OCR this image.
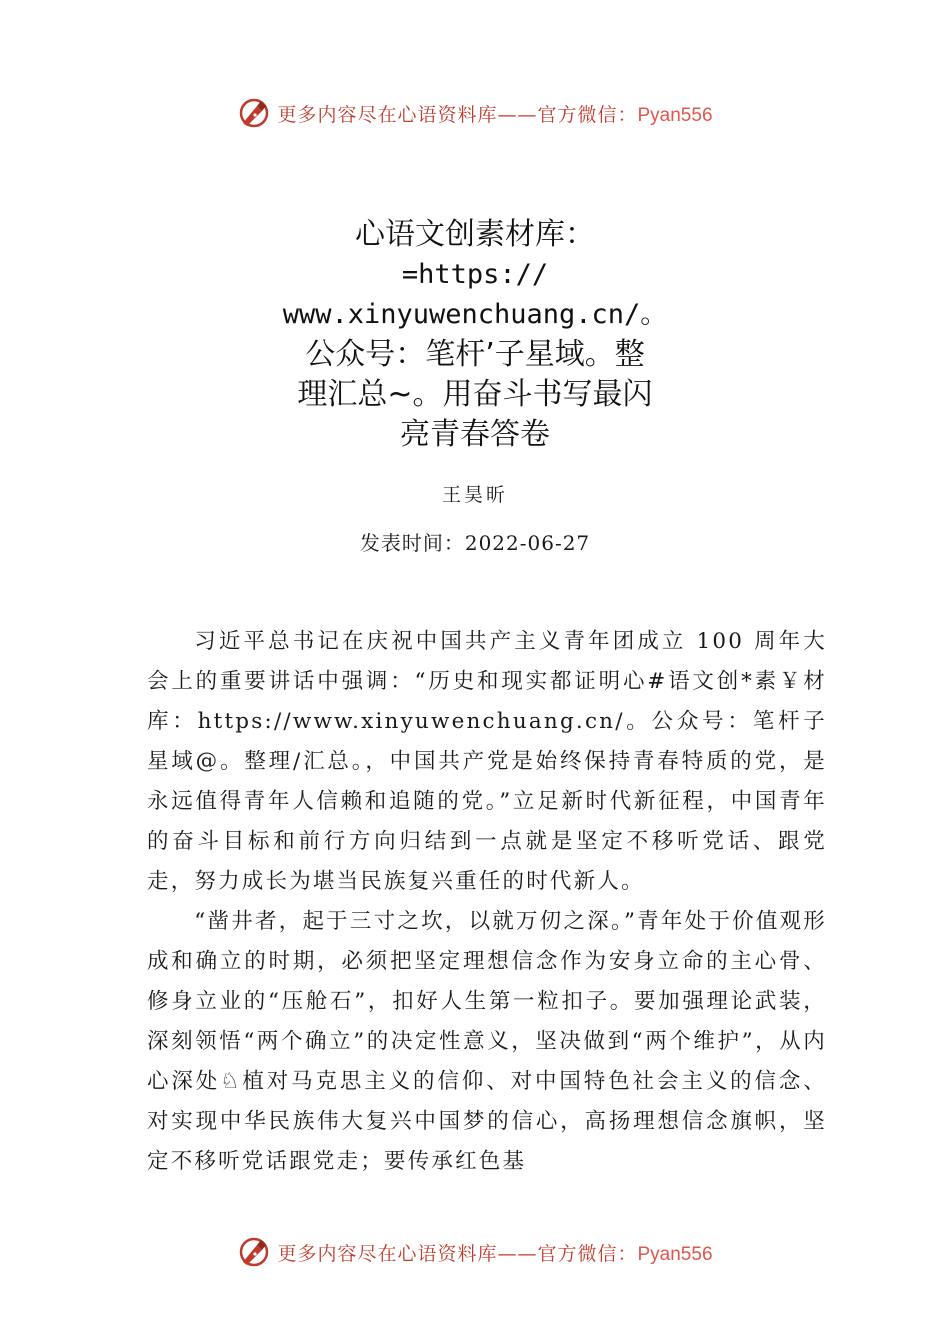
更多内容尽在心语资料库——官方微信：Pyan556
心语文创素材库：
=https://
www.xinyuwenchuang.cn/。
公众号：笔杆’子星域。整
理汇总~。用奋斗书写最闪
亮青春答卷
王昊昕
发表时间：2022-06-27

习近平总书记在庆祝中国共产主义青年团成立 100 周年大会上的重要讲话中强调：“历史和现实都证明心#语文创*素￥材库：https://www.xinyuwenchuang.cn/。公众号：笔杆子星域@。整理/汇总。，中国共产党是始终保持青春特质的党，是永远值得青年人信赖和追随的党。”立足新时代新征程，中国青年的奋斗目标和前行方向归结到一点就是坚定不移听党话、跟党走，努力成长为堪当民族复兴重任的时代新人。

“凿井者，起于三寸之坎，以就万仞之深。”青年处于价值观形成和确立的时期，必须把坚定理想信念作为安身立命的主心骨、修身立业的“压舱石”，扣好人生第一粒扣子。要加强理论武装，深刻领悟“两个确立”的决定性意义，坚决做到“两个维护”，从内心深处♘植对马克思主义的信仰、对中国特色社会主义的信念、对实现中华民族伟大复兴中国梦的信心，高扬理想信念旗帜，坚定不移听党话跟党走；要传承红色基

更多内容尽在心语资料库——官方微信：Pyan556
